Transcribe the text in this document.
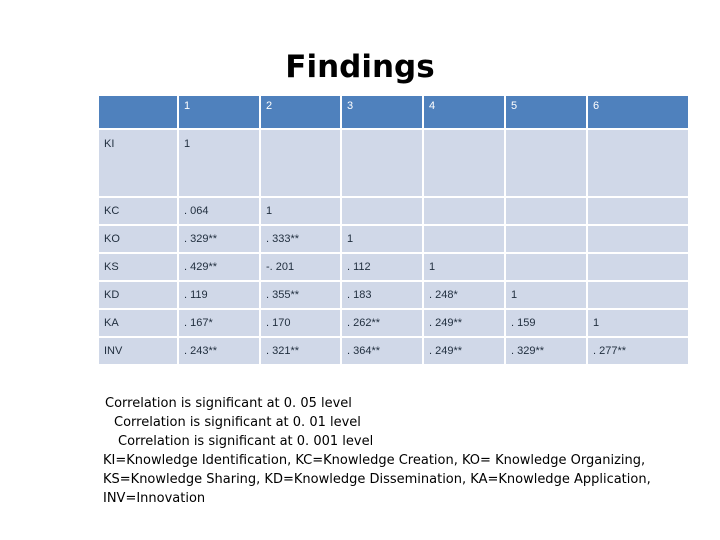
Findings
	1	2	3	4	5	6
KI	1					
KC	. 064	1				
KO	. 329**	. 333**	1			
KS	. 429**	-. 201	. 112	1		
KD	. 119	. 355**	. 183	. 248*	1	
KA	. 167*	. 170	. 262**	. 249**	. 159	1
INV	. 243**	. 321**	. 364**	. 249**	. 329**	. 277**
Correlation is significant at 0. 05 level
Correlation is significant at 0. 01 level
Correlation is significant at 0. 001 level
KI=Knowledge Identification, KC=Knowledge Creation, KO= Knowledge Organizing,
KS=Knowledge Sharing, KD=Knowledge Dissemination, KA=Knowledge Application,
INV=Innovation
